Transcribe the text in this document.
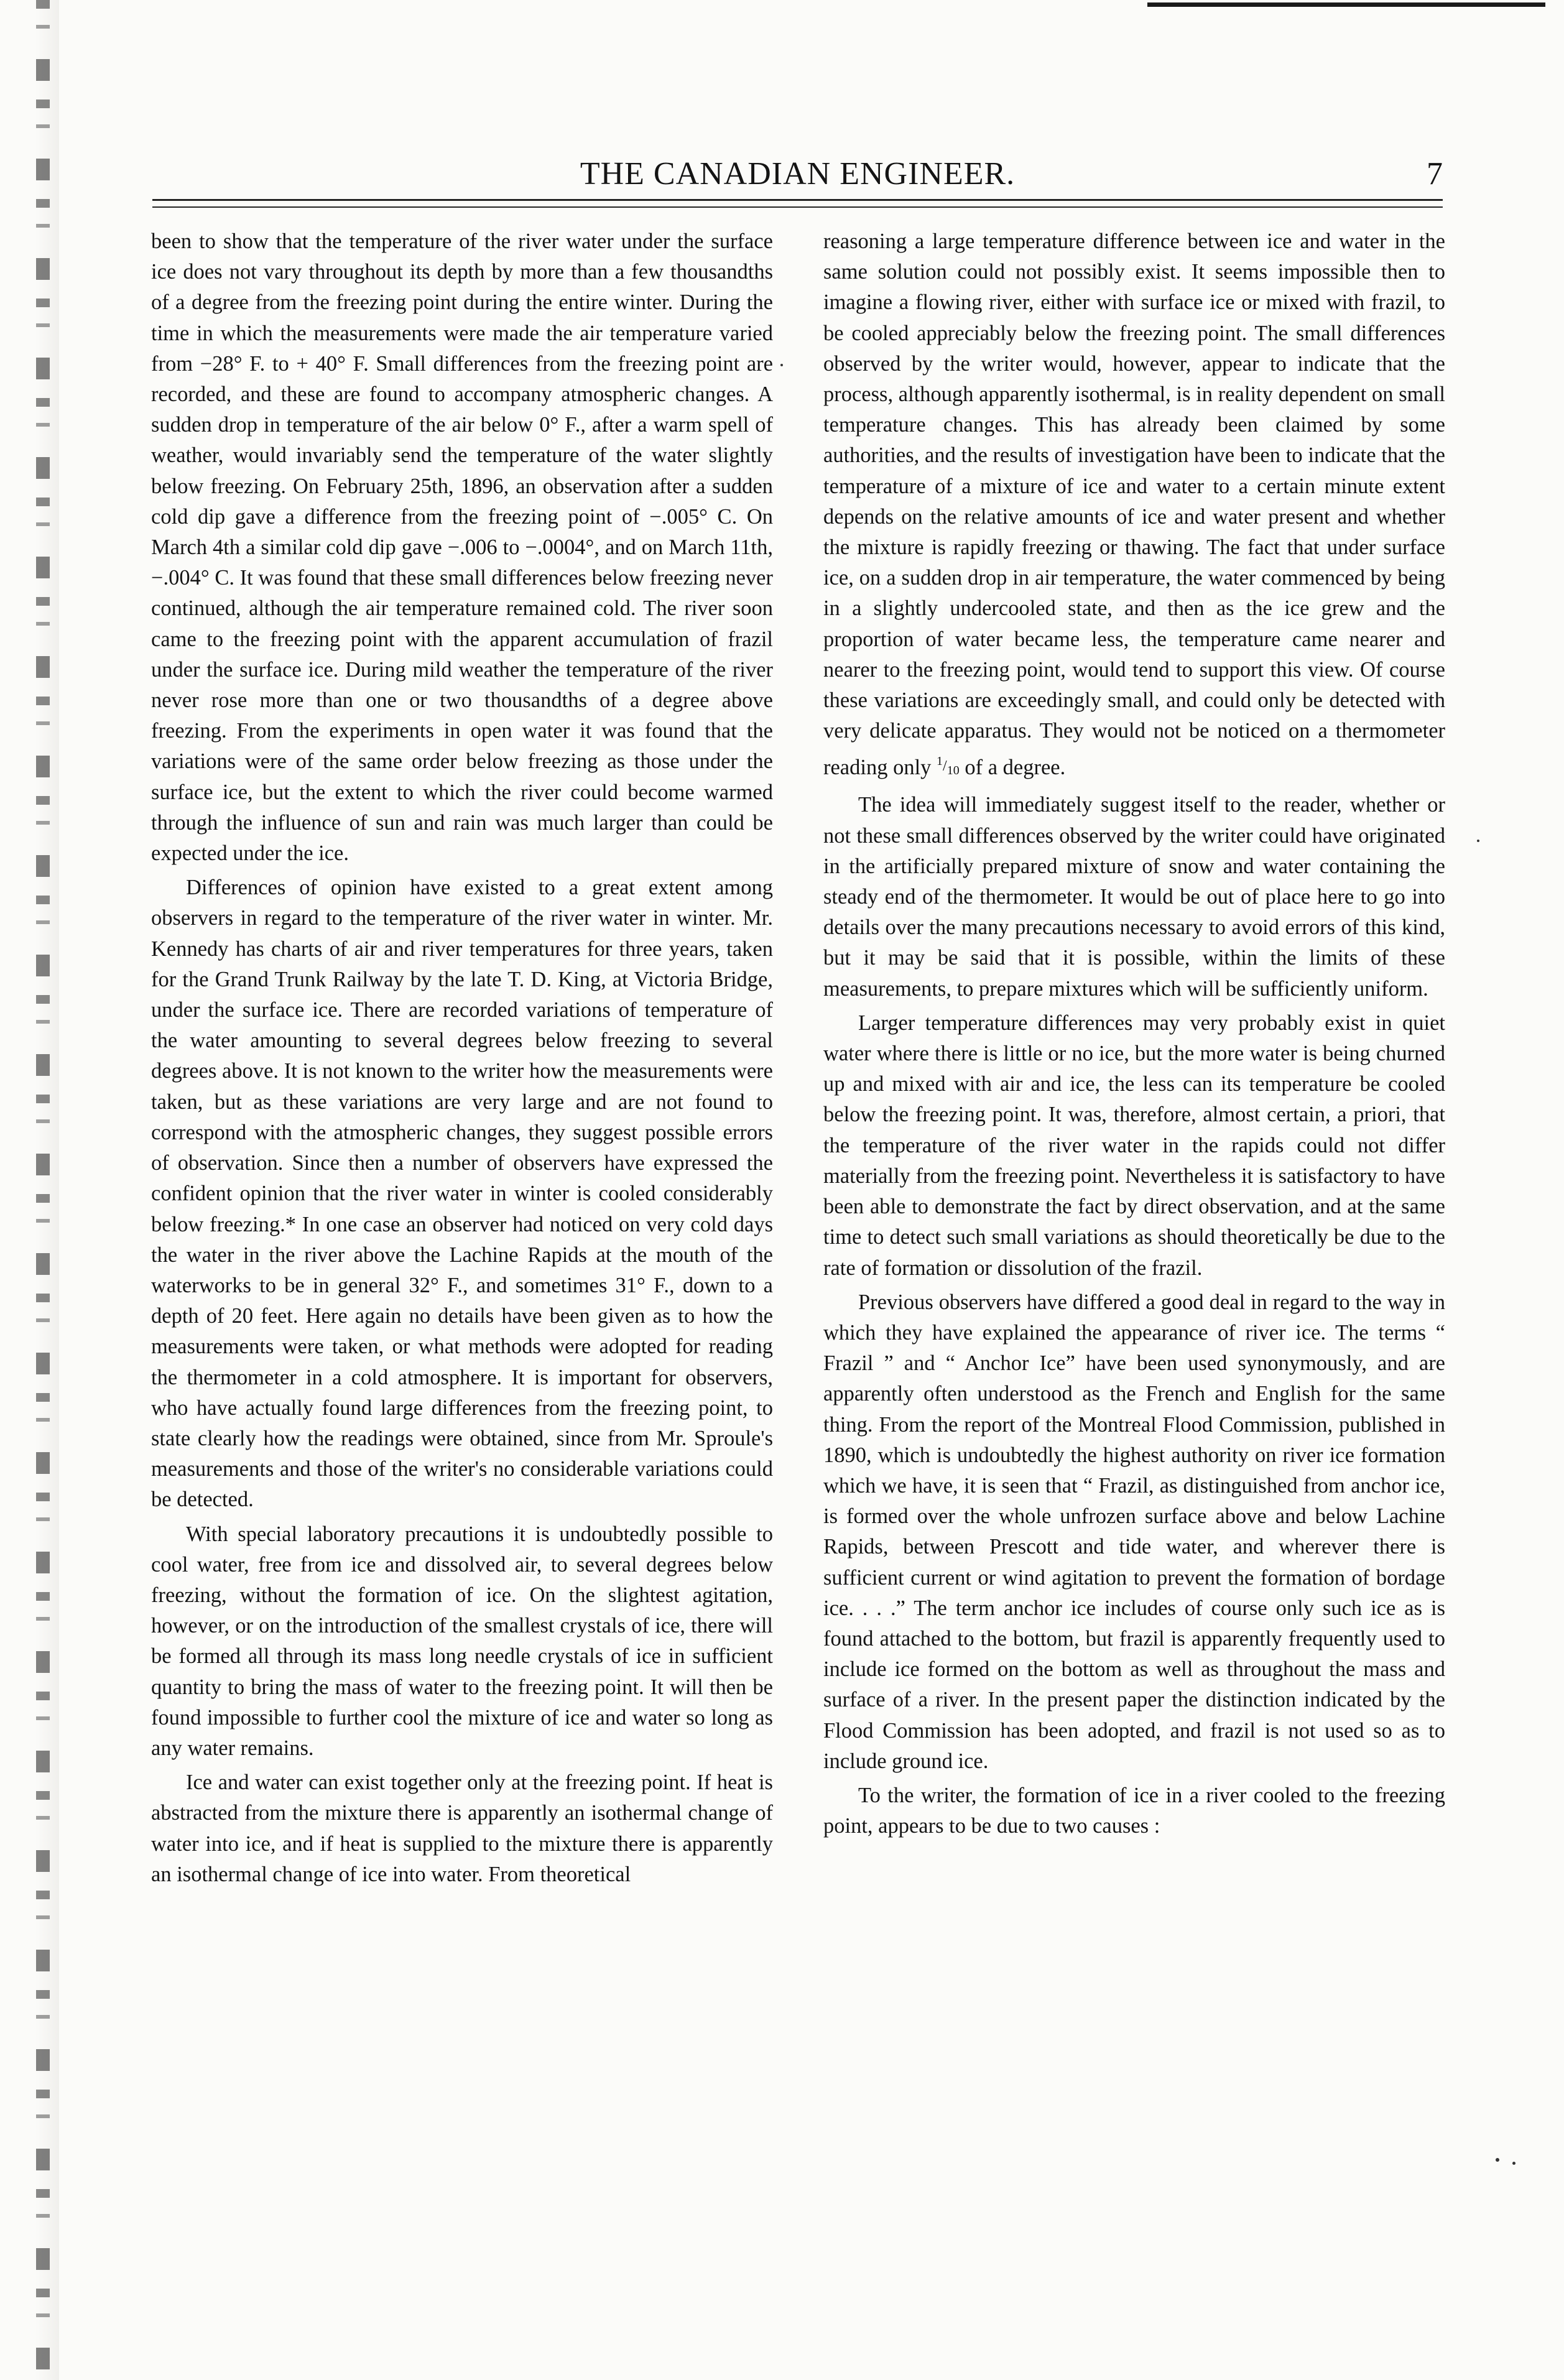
THE CANADIAN ENGINEER.	7

been to show that the temperature of the river water under the surface ice does not vary throughout its depth by more than a few thousandths of a degree from the freezing point during the entire winter. During the time in which the measurements were made the air temperature varied from −28° F. to + 40° F. Small differences from the freezing point are recorded, and these are found to accompany atmospheric changes. A sudden drop in temperature of the air below 0° F., after a warm spell of weather, would invariably send the temperature of the water slightly below freezing. On February 25th, 1896, an observation after a sudden cold dip gave a difference from the freezing point of −.005° C. On March 4th a similar cold dip gave −.006 to −.0004°, and on March 11th, −.004° C. It was found that these small differences below freezing never continued, although the air temperature remained cold. The river soon came to the freezing point with the apparent accumulation of frazil under the surface ice. During mild weather the temperature of the river never rose more than one or two thousandths of a degree above freezing. From the experiments in open water it was found that the variations were of the same order below freezing as those under the surface ice, but the extent to which the river could become warmed through the influence of sun and rain was much larger than could be expected under the ice.

Differences of opinion have existed to a great extent among observers in regard to the temperature of the river water in winter. Mr. Kennedy has charts of air and river temperatures for three years, taken for the Grand Trunk Railway by the late T. D. King, at Victoria Bridge, under the surface ice. There are recorded variations of temperature of the water amounting to several degrees below freezing to several degrees above. It is not known to the writer how the measurements were taken, but as these variations are very large and are not found to correspond with the atmospheric changes, they suggest possible errors of observation. Since then a number of observers have expressed the confident opinion that the river water in winter is cooled considerably below freezing.* In one case an observer had noticed on very cold days the water in the river above the Lachine Rapids at the mouth of the waterworks to be in general 32° F., and sometimes 31° F., down to a depth of 20 feet. Here again no details have been given as to how the measurements were taken, or what methods were adopted for reading the thermometer in a cold atmosphere. It is important for observers, who have actually found large differences from the freezing point, to state clearly how the readings were obtained, since from Mr. Sproule's measurements and those of the writer's no considerable variations could be detected.

With special laboratory precautions it is undoubtedly possible to cool water, free from ice and dissolved air, to several degrees below freezing, without the formation of ice. On the slightest agitation, however, or on the introduction of the smallest crystals of ice, there will be formed all through its mass long needle crystals of ice in sufficient quantity to bring the mass of water to the freezing point. It will then be found impossible to further cool the mixture of ice and water so long as any water remains.

Ice and water can exist together only at the freezing point. If heat is abstracted from the mixture there is apparently an isothermal change of water into ice, and if heat is supplied to the mixture there is apparently an isothermal change of ice into water. From theoretical

reasoning a large temperature difference between ice and water in the same solution could not possibly exist. It seems impossible then to imagine a flowing river, either with surface ice or mixed with frazil, to be cooled appreciably below the freezing point. The small differences observed by the writer would, however, appear to indicate that the process, although apparently isothermal, is in reality dependent on small temperature changes. This has already been claimed by some authorities, and the results of investigation have been to indicate that the temperature of a mixture of ice and water to a certain minute extent depends on the relative amounts of ice and water present and whether the mixture is rapidly freezing or thawing. The fact that under surface ice, on a sudden drop in air temperature, the water commenced by being in a slightly undercooled state, and then as the ice grew and the proportion of water became less, the temperature came nearer and nearer to the freezing point, would tend to support this view. Of course these variations are exceedingly small, and could only be detected with very delicate apparatus. They would not be noticed on a thermometer reading only $^1/_{10}$ of a degree.

The idea will immediately suggest itself to the reader, whether or not these small differences observed by the writer could have originated in the artificially prepared mixture of snow and water containing the steady end of the thermometer. It would be out of place here to go into details over the many precautions necessary to avoid errors of this kind, but it may be said that it is possible, within the limits of these measurements, to prepare mixtures which will be sufficiently uniform.

Larger temperature differences may very probably exist in quiet water where there is little or no ice, but the more water is being churned up and mixed with air and ice, the less can its temperature be cooled below the freezing point. It was, therefore, almost certain, a priori, that the temperature of the river water in the rapids could not differ materially from the freezing point. Nevertheless it is satisfactory to have been able to demonstrate the fact by direct observation, and at the same time to detect such small variations as should theoretically be due to the rate of formation or dissolution of the frazil.

Previous observers have differed a good deal in regard to the way in which they have explained the appearance of river ice. The terms “ Frazil ” and “ Anchor Ice” have been used synonymously, and are apparently often understood as the French and English for the same thing. From the report of the Montreal Flood Commission, published in 1890, which is undoubtedly the highest authority on river ice formation which we have, it is seen that “ Frazil, as distinguished from anchor ice, is formed over the whole unfrozen surface above and below Lachine Rapids, between Prescott and tide water, and wherever there is sufficient current or wind agitation to prevent the formation of bordage ice. . . .” The term anchor ice includes of course only such ice as is found attached to the bottom, but frazil is apparently frequently used to include ice formed on the bottom as well as throughout the mass and surface of a river. In the present paper the distinction indicated by the Flood Commission has been adopted, and frazil is not used so as to include ground ice.

To the writer, the formation of ice in a river cooled to the freezing point, appears to be due to two causes :
